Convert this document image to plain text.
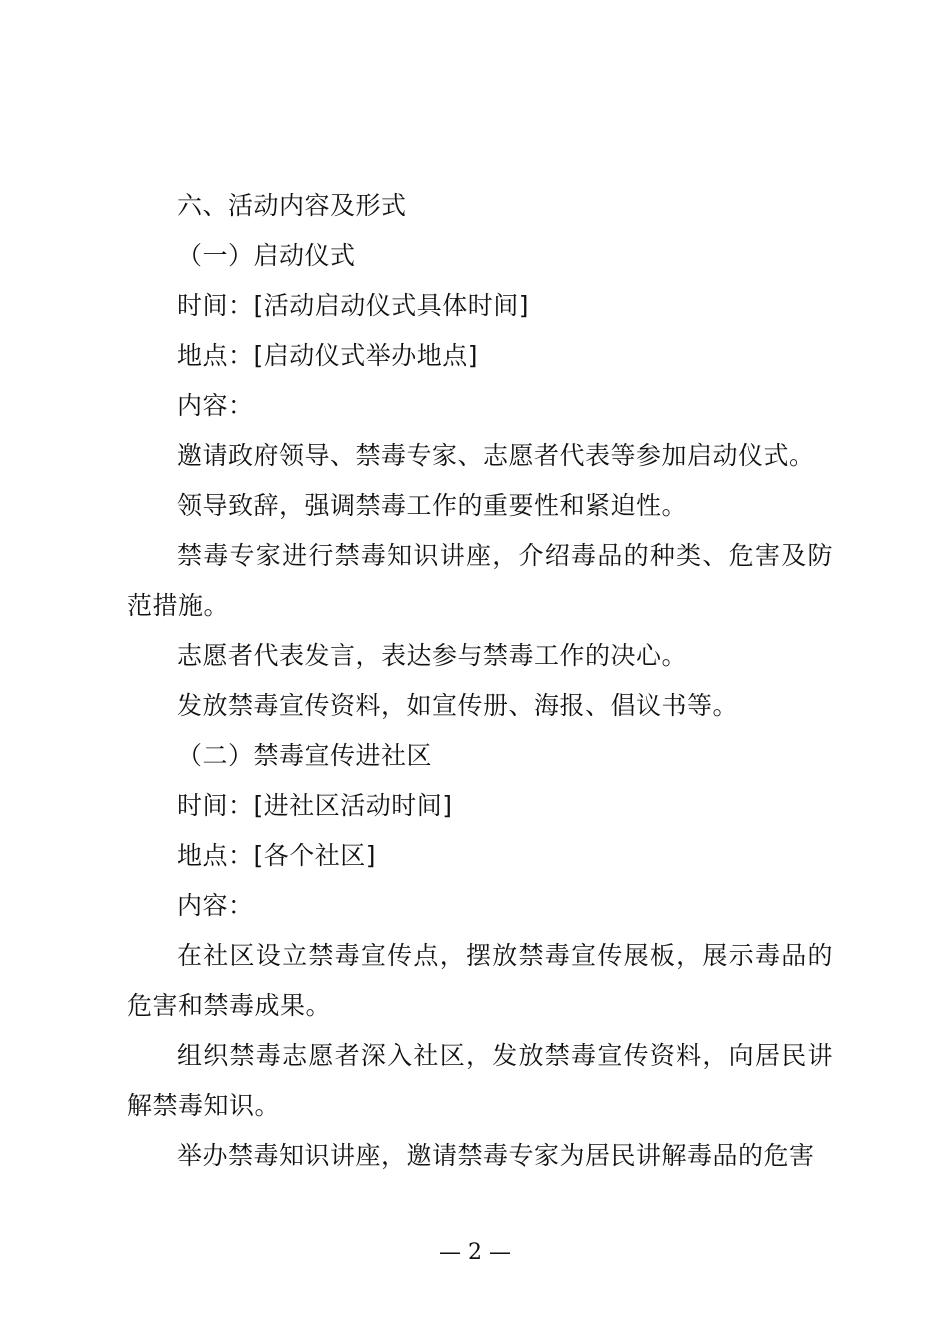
六、活动内容及形式

（一）启动仪式

时间：[活动启动仪式具体时间]

地点：[启动仪式举办地点]

内容：

邀请政府领导、禁毒专家、志愿者代表等参加启动仪式。

领导致辞，强调禁毒工作的重要性和紧迫性。

禁毒专家进行禁毒知识讲座，介绍毒品的种类、危害及防范措施。

志愿者代表发言，表达参与禁毒工作的决心。

发放禁毒宣传资料，如宣传册、海报、倡议书等。

（二）禁毒宣传进社区

时间：[进社区活动时间]

地点：[各个社区]

内容：

在社区设立禁毒宣传点，摆放禁毒宣传展板，展示毒品的危害和禁毒成果。

组织禁毒志愿者深入社区，发放禁毒宣传资料，向居民讲解禁毒知识。

举办禁毒知识讲座，邀请禁毒专家为居民讲解毒品的危害

— 2 —
